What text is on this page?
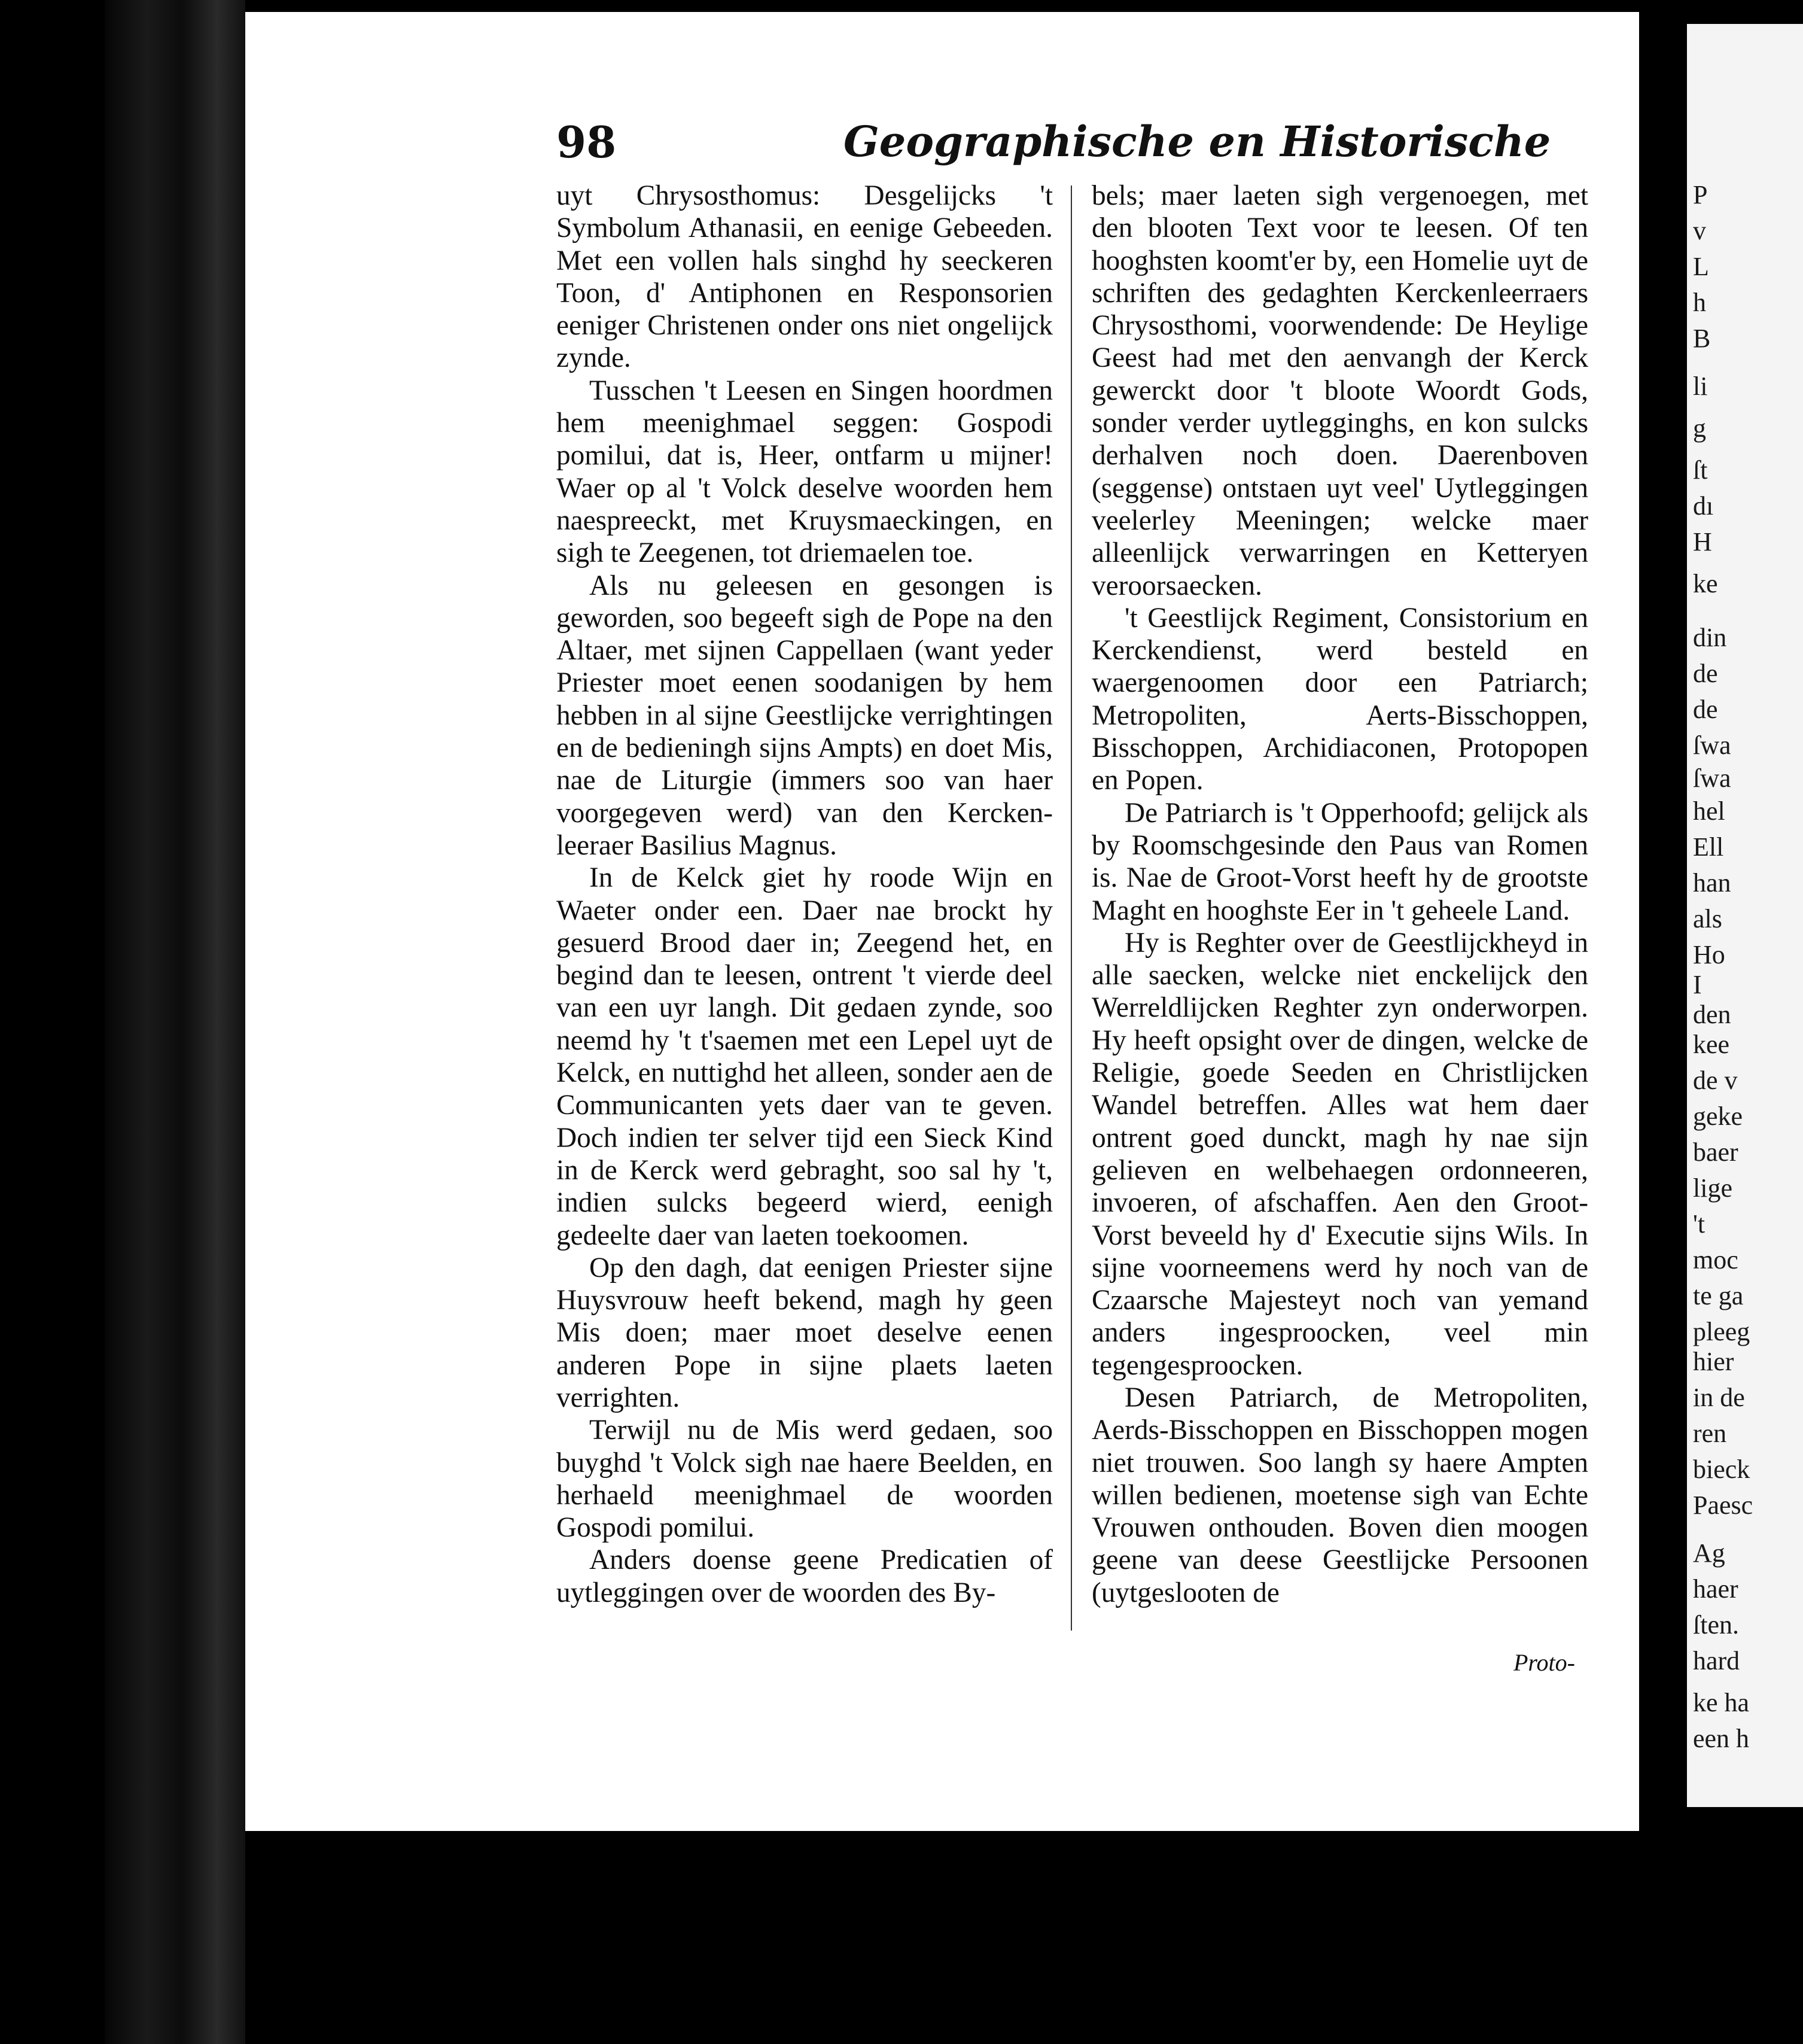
98	Geographische en Historische

uyt Chrysosthomus: Desgelijcks 't Symbolum Athanasii, en eenige Gebeeden. Met een vollen hals singhd hy seeckeren Toon, d' Antiphonen en Responsorien eeniger Christenen onder ons niet ongelijck zynde.

Tusschen 't Leesen en Singen hoordmen hem meenighmael seggen: Gospodi pomilui, dat is, Heer, ontfarm u mijner! Waer op al 't Volck deselve woorden hem naespreeckt, met Kruysmaeckingen, en sigh te Zeegenen, tot driemaelen toe.

Als nu geleesen en gesongen is geworden, soo begeeft sigh de Pope na den Altaer, met sijnen Cappellaen (want yeder Priester moet eenen soodanigen by hem hebben in al sijne Geestlijcke verrightingen en de bedieningh sijns Ampts) en doet Mis, nae de Liturgie (immers soo van haer voorgegeven werd) van den Kercken-leeraer Basilius Magnus.

In de Kelck giet hy roode Wijn en Waeter onder een. Daer nae brockt hy gesuerd Brood daer in; Zeegend het, en begind dan te leesen, ontrent 't vierde deel van een uyr langh. Dit gedaen zynde, soo neemd hy 't t'saemen met een Lepel uyt de Kelck, en nuttighd het alleen, sonder aen de Communicanten yets daer van te geven. Doch indien ter selver tijd een Sieck Kind in de Kerck werd gebraght, soo sal hy 't, indien sulcks begeerd wierd, eenigh gedeelte daer van laeten toekoomen.

Op den dagh, dat eenigen Priester sijne Huysvrouw heeft bekend, magh hy geen Mis doen; maer moet deselve eenen anderen Pope in sijne plaets laeten verrighten.

Terwijl nu de Mis werd gedaen, soo buyghd 't Volck sigh nae haere Beelden, en herhaeld meenighmael de woorden Gospodi pomilui.

Anders doense geene Predicatien of uytleggingen over de woorden des By-

bels; maer laeten sigh vergenoegen, met den blooten Text voor te leesen. Of ten hooghsten koomt'er by, een Homelie uyt de schriften des gedaghten Kerckenleerraers Chrysosthomi, voorwendende: De Heylige Geest had met den aenvangh der Kerck gewerckt door 't bloote Woordt Gods, sonder verder uytlegginghs, en kon sulcks derhalven noch doen. Daerenboven (seggense) ontstaen uyt veel' Uytleggingen veelerley Meeningen; welcke maer alleenlijck verwarringen en Ketteryen veroorsaecken.

't Geestlijck Regiment, Consistorium en Kerckendienst, werd besteld en waergenoomen door een Patriarch; Metropoliten, Aerts-Bisschoppen, Bisschoppen, Archidiaconen, Protopopen en Popen.

De Patriarch is 't Opperhoofd; gelijck als by Roomschgesinde den Paus van Romen is. Nae de Groot-Vorst heeft hy de grootste Maght en hooghste Eer in 't geheele Land.

Hy is Reghter over de Geestlijckheyd in alle saecken, welcke niet enckelijck den Werreldlijcken Reghter zyn onderworpen. Hy heeft opsight over de dingen, welcke de Religie, goede Seeden en Christlijcken Wandel betreffen. Alles wat hem daer ontrent goed dunckt, magh hy nae sijn gelieven en welbehaegen ordonneeren, invoeren, of afschaffen. Aen den Groot-Vorst beveeld hy d' Executie sijns Wils. In sijne voorneemens werd hy noch van de Czaarsche Majesteyt noch van yemand anders ingesproocken, veel min tegengesproocken.

Desen Patriarch, de Metropoliten, Aerds-Bisschoppen en Bisschoppen mogen niet trouwen. Soo langh sy haere Ampten willen bedienen, moetense sigh van Echte Vrouwen onthouden. Boven dien moogen geene van deese Geestlijcke Persoonen (uytgeslooten de

Proto-
P
v
L
h
B
li
g
ſt
dı
H
ke
din
de
de
ſwa
ſwa
hel
Ell
han
als
Ho
I
den
kee
de v
geke
baer
lige
't
moc
te ga
pleeg
hier
in de
ren
bieck
Paesc
Ag
haer
ſten.
hard
ke ha
een h
